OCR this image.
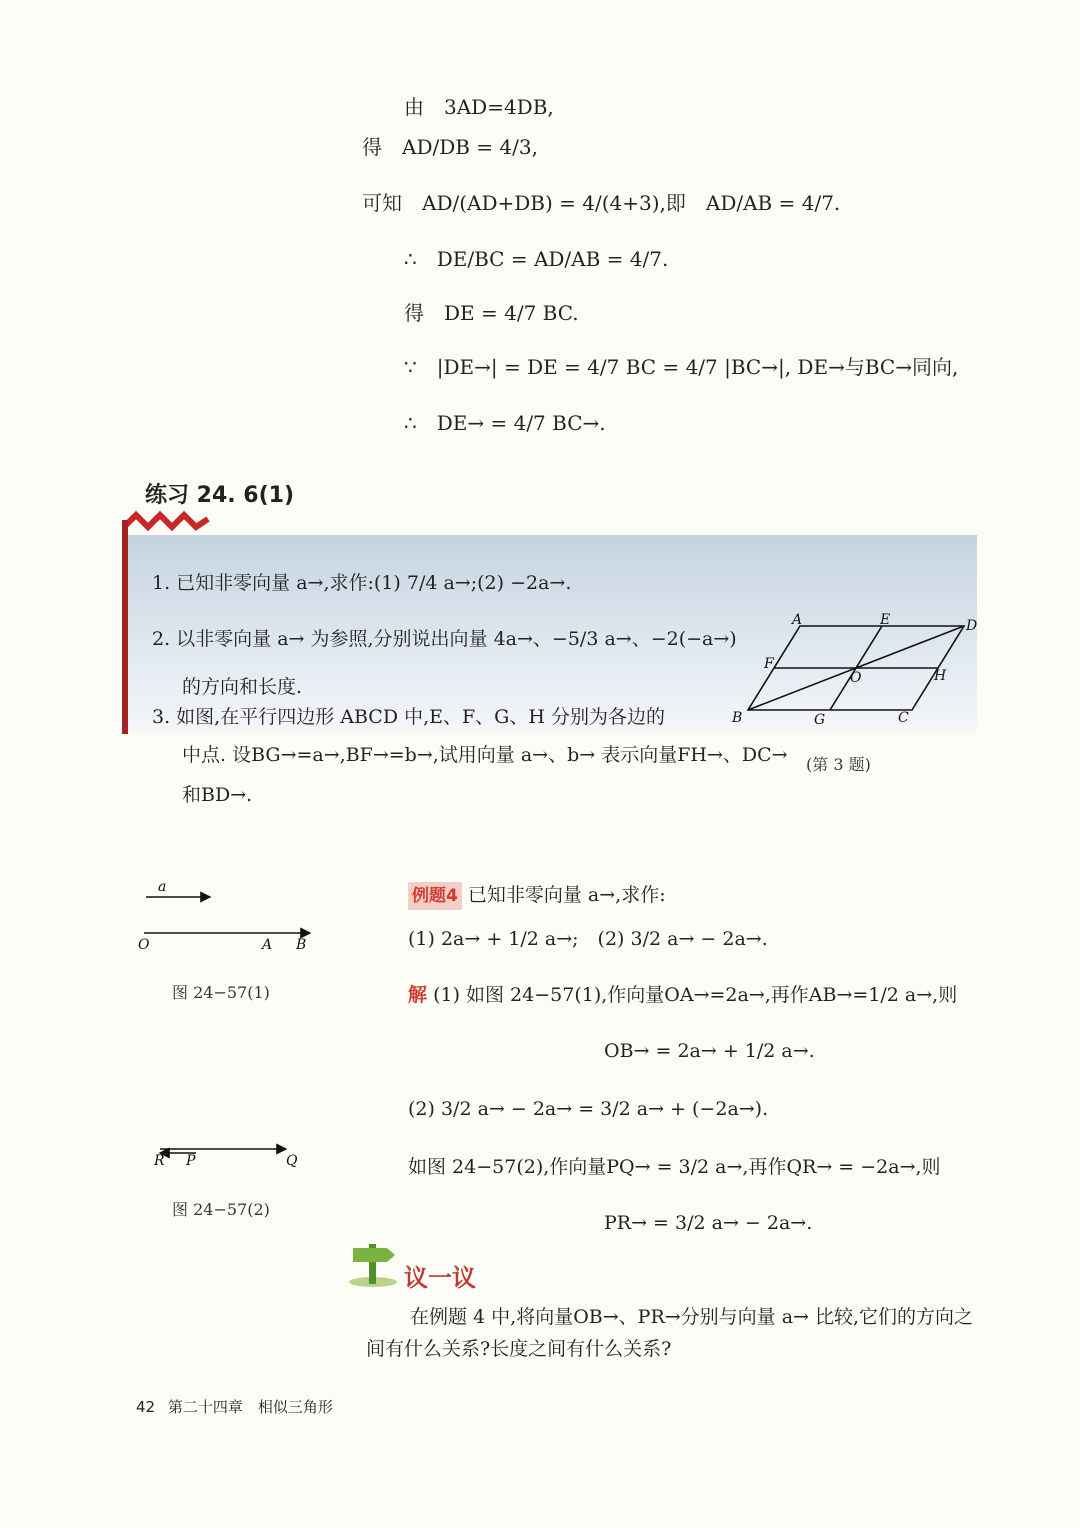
由　3AD=4DB,
得　AD/DB = 4/3,
可知　AD/(AD+DB) = 4/(4+3),即　AD/AB = 4/7.
∴　DE/BC = AD/AB = 4/7.
得　DE = 4/7 BC.
∵　|DE→| = DE = 4/7 BC = 4/7 |BC→|, DE→与BC→同向,
∴　DE→ = 4/7 BC→.
练习 24. 6(1)
1. 已知非零向量 a→,求作:(1) 7/4 a→;(2) −2a→.
2. 以非零向量 a→ 为参照,分别说出向量 4a→、−5/3 a→、−2(−a→)
的方向和长度.
3. 如图,在平行四边形 ABCD 中,E、F、G、H 分别为各边的
中点. 设BG→=a→,BF→=b→,试用向量 a→、b→ 表示向量FH→、DC→
和BD→.
A	E	D
F
O	H
B	G	C
(第 3 题)
a
O	A B
图 24−57(1)
R P	Q
图 24−57(2)
例题4 已知非零向量 a→,求作:
(1) 2a→ + 1/2 a→;　(2) 3/2 a→ − 2a→.
解 (1) 如图 24−57(1),作向量OA→=2a→,再作AB→=1/2 a→,则
OB→ = 2a→ + 1/2 a→.
(2) 3/2 a→ − 2a→ = 3/2 a→ + (−2a→).
如图 24−57(2),作向量PQ→ = 3/2 a→,再作QR→ = −2a→,则
PR→ = 3/2 a→ − 2a→.
议一议
在例题 4 中,将向量OB→、PR→分别与向量 a→ 比较,它们的方向之
间有什么关系?长度之间有什么关系?
42 第二十四章　相似三角形
